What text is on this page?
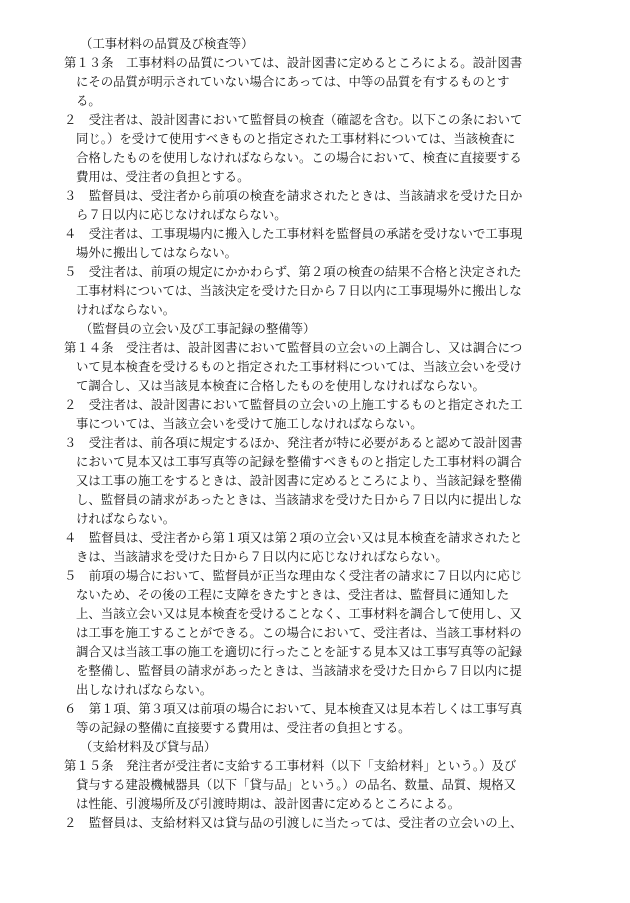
（工事材料の品質及び検査等）
第１３条　工事材料の品質については、設計図書に定めるところによる。設計図書
にその品質が明示されていない場合にあっては、中等の品質を有するものとす
る。
２　受注者は、設計図書において監督員の検査（確認を含む。以下この条において
同じ。）を受けて使用すべきものと指定された工事材料については、当該検査に
合格したものを使用しなければならない。この場合において、検査に直接要する
費用は、受注者の負担とする。
３　監督員は、受注者から前項の検査を請求されたときは、当該請求を受けた日か
ら７日以内に応じなければならない。
４　受注者は、工事現場内に搬入した工事材料を監督員の承諾を受けないで工事現
場外に搬出してはならない。
５　受注者は、前項の規定にかかわらず、第２項の検査の結果不合格と決定された
工事材料については、当該決定を受けた日から７日以内に工事現場外に搬出しな
ければならない。
（監督員の立会い及び工事記録の整備等）
第１４条　受注者は、設計図書において監督員の立会いの上調合し、又は調合につ
いて見本検査を受けるものと指定された工事材料については、当該立会いを受け
て調合し、又は当該見本検査に合格したものを使用しなければならない。
２　受注者は、設計図書において監督員の立会いの上施工するものと指定された工
事については、当該立会いを受けて施工しなければならない。
３　受注者は、前各項に規定するほか、発注者が特に必要があると認めて設計図書
において見本又は工事写真等の記録を整備すべきものと指定した工事材料の調合
又は工事の施工をするときは、設計図書に定めるところにより、当該記録を整備
し、監督員の請求があったときは、当該請求を受けた日から７日以内に提出しな
ければならない。
４　監督員は、受注者から第１項又は第２項の立会い又は見本検査を請求されたと
きは、当該請求を受けた日から７日以内に応じなければならない。
５　前項の場合において、監督員が正当な理由なく受注者の請求に７日以内に応じ
ないため、その後の工程に支障をきたすときは、受注者は、監督員に通知した
上、当該立会い又は見本検査を受けることなく、工事材料を調合して使用し、又
は工事を施工することができる。この場合において、受注者は、当該工事材料の
調合又は当該工事の施工を適切に行ったことを証する見本又は工事写真等の記録
を整備し、監督員の請求があったときは、当該請求を受けた日から７日以内に提
出しなければならない。
６　第１項、第３項又は前項の場合において、見本検査又は見本若しくは工事写真
等の記録の整備に直接要する費用は、受注者の負担とする。
（支給材料及び貸与品）
第１５条　発注者が受注者に支給する工事材料（以下「支給材料」という。）及び
貸与する建設機械器具（以下「貸与品」という。）の品名、数量、品質、規格又
は性能、引渡場所及び引渡時期は、設計図書に定めるところによる。
２　監督員は、支給材料又は貸与品の引渡しに当たっては、受注者の立会いの上、
